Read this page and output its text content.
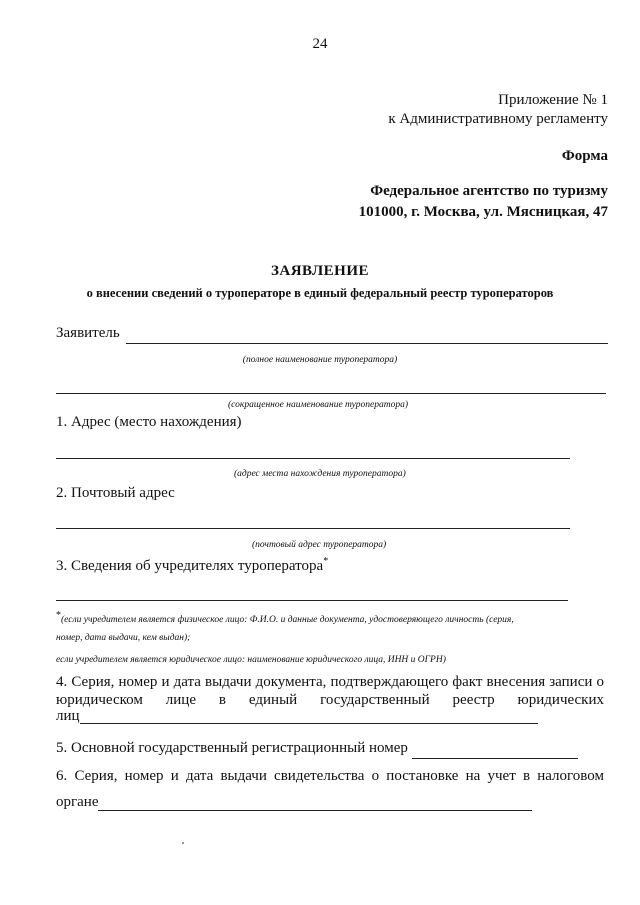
24
Приложение № 1
к Административному регламенту
Форма
Федеральное агентство по туризму
101000, г. Москва, ул. Мясницкая, 47
ЗАЯВЛЕНИЕ
о внесении сведений о туроператоре в единый федеральный реестр туроператоров
Заявитель
(полное наименование туроператора)
(сокращенное наименование туроператора)
1. Адрес (место нахождения)
(адрес места нахождения туроператора)
2. Почтовый адрес
(почтовый адрес туроператора)
3. Сведения об учредителях туроператора*
*(если учредителем является физическое лицо: Ф.И.О. и данные документа, удостоверяющего личность (серия,
номер, дата выдачи, кем выдан);
если учредителем является юридическое лицо: наименование юридического лица, ИНН и ОГРН)
4. Серия, номер и дата выдачи документа, подтверждающего факт внесения записи о
юридическом лице в единый государственный реестр юридических
лиц
5. Основной государственный регистрационный номер
6. Серия, номер и дата выдачи свидетельства о постановке на учет в налоговом
органе
